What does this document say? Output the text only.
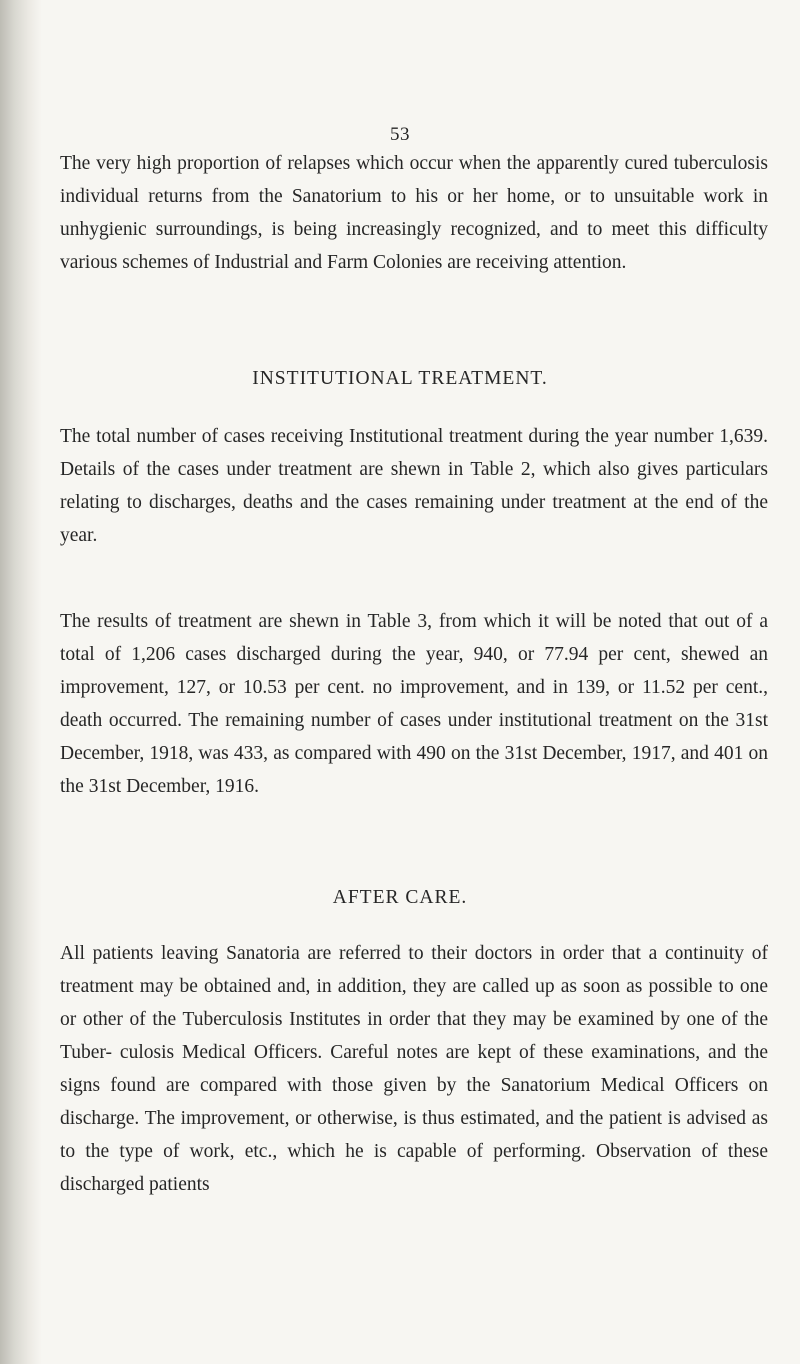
53

The very high proportion of relapses which occur when the apparently cured tuberculosis individual returns from the Sanatorium to his or her home, or to unsuitable work in unhygienic surroundings, is being increasingly recognized, and to meet this difficulty various schemes of Industrial and Farm Colonies are receiving attention.

INSTITUTIONAL TREATMENT.

The total number of cases receiving Institutional treatment during the year number 1,639. Details of the cases under treatment are shewn in Table 2, which also gives particulars relating to discharges, deaths and the cases remaining under treatment at the end of the year.

The results of treatment are shewn in Table 3, from which it will be noted that out of a total of 1,206 cases discharged during the year, 940, or 77.94 per cent, shewed an improvement, 127, or 10.53 per cent. no improvement, and in 139, or 11.52 per cent., death occurred. The remaining number of cases under institutional treatment on the 31st December, 1918, was 433, as compared with 490 on the 31st December, 1917, and 401 on the 31st December, 1916.

AFTER CARE.

All patients leaving Sanatoria are referred to their doctors in order that a continuity of treatment may be obtained and, in addition, they are called up as soon as possible to one or other of the Tuberculosis Institutes in order that they may be examined by one of the Tuber- culosis Medical Officers. Careful notes are kept of these examinations, and the signs found are compared with those given by the Sanatorium Medical Officers on discharge. The improvement, or otherwise, is thus estimated, and the patient is advised as to the type of work, etc., which he is capable of performing. Observation of these discharged patients
